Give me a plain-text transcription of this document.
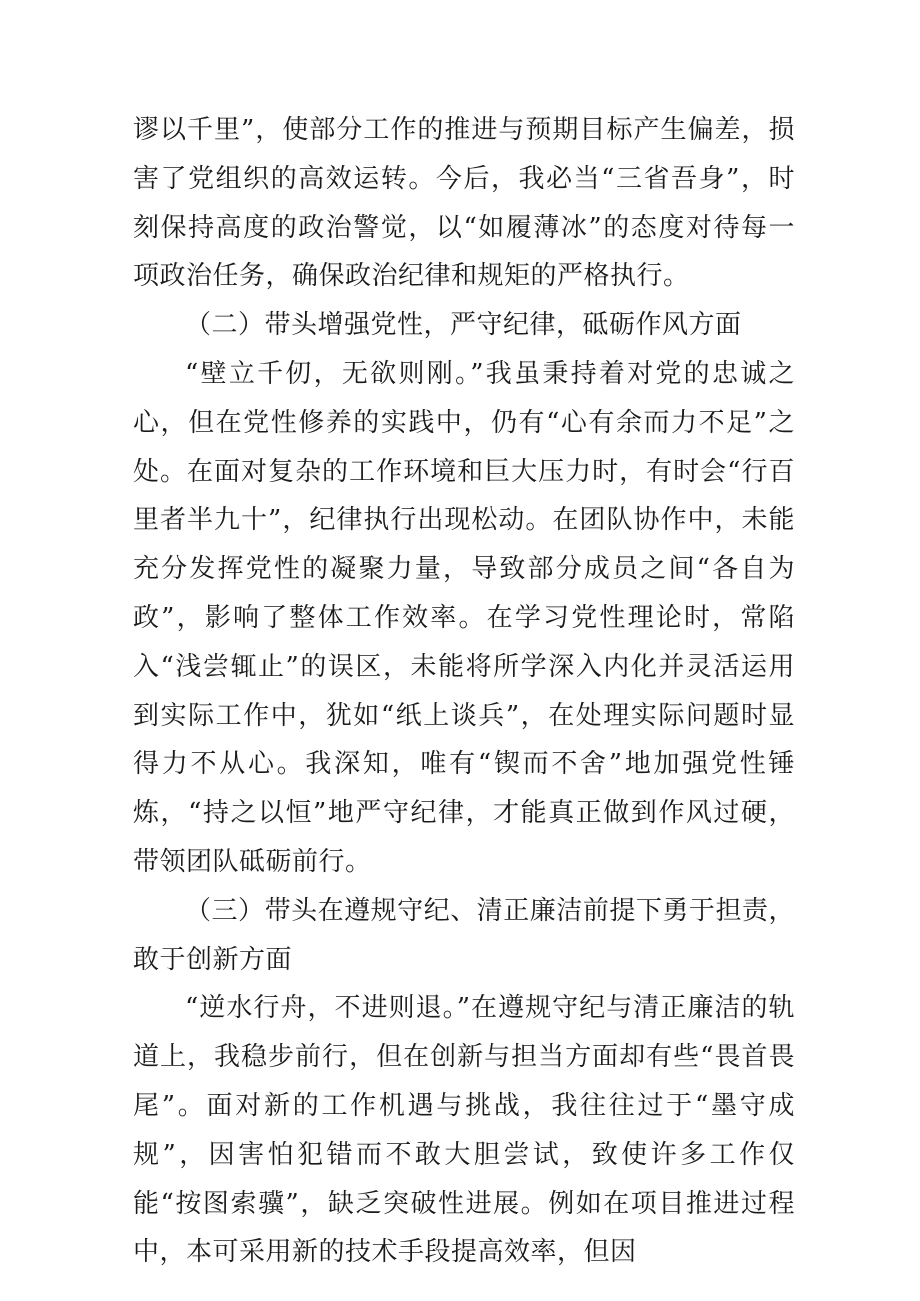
谬以千里”，使部分工作的推进与预期目标产生偏差，损害了党组织的高效运转。今后，我必当“三省吾身”，时刻保持高度的政治警觉，以“如履薄冰”的态度对待每一项政治任务，确保政治纪律和规矩的严格执行。

（二）带头增强党性，严守纪律，砥砺作风方面

“壁立千仞，无欲则刚。”我虽秉持着对党的忠诚之心，但在党性修养的实践中，仍有“心有余而力不足”之处。在面对复杂的工作环境和巨大压力时，有时会“行百里者半九十”，纪律执行出现松动。在团队协作中，未能充分发挥党性的凝聚力量，导致部分成员之间“各自为政”，影响了整体工作效率。在学习党性理论时，常陷入“浅尝辄止”的误区，未能将所学深入内化并灵活运用到实际工作中，犹如“纸上谈兵”，在处理实际问题时显得力不从心。我深知，唯有“锲而不舍”地加强党性锤炼，“持之以恒”地严守纪律，才能真正做到作风过硬，带领团队砥砺前行。

（三）带头在遵规守纪、清正廉洁前提下勇于担责，敢于创新方面

“逆水行舟，不进则退。”在遵规守纪与清正廉洁的轨道上，我稳步前行，但在创新与担当方面却有些“畏首畏尾”。面对新的工作机遇与挑战，我往往过于“墨守成规”，因害怕犯错而不敢大胆尝试，致使许多工作仅能“按图索骥”，缺乏突破性进展。例如在项目推进过程中，本可采用新的技术手段提高效率，但因
